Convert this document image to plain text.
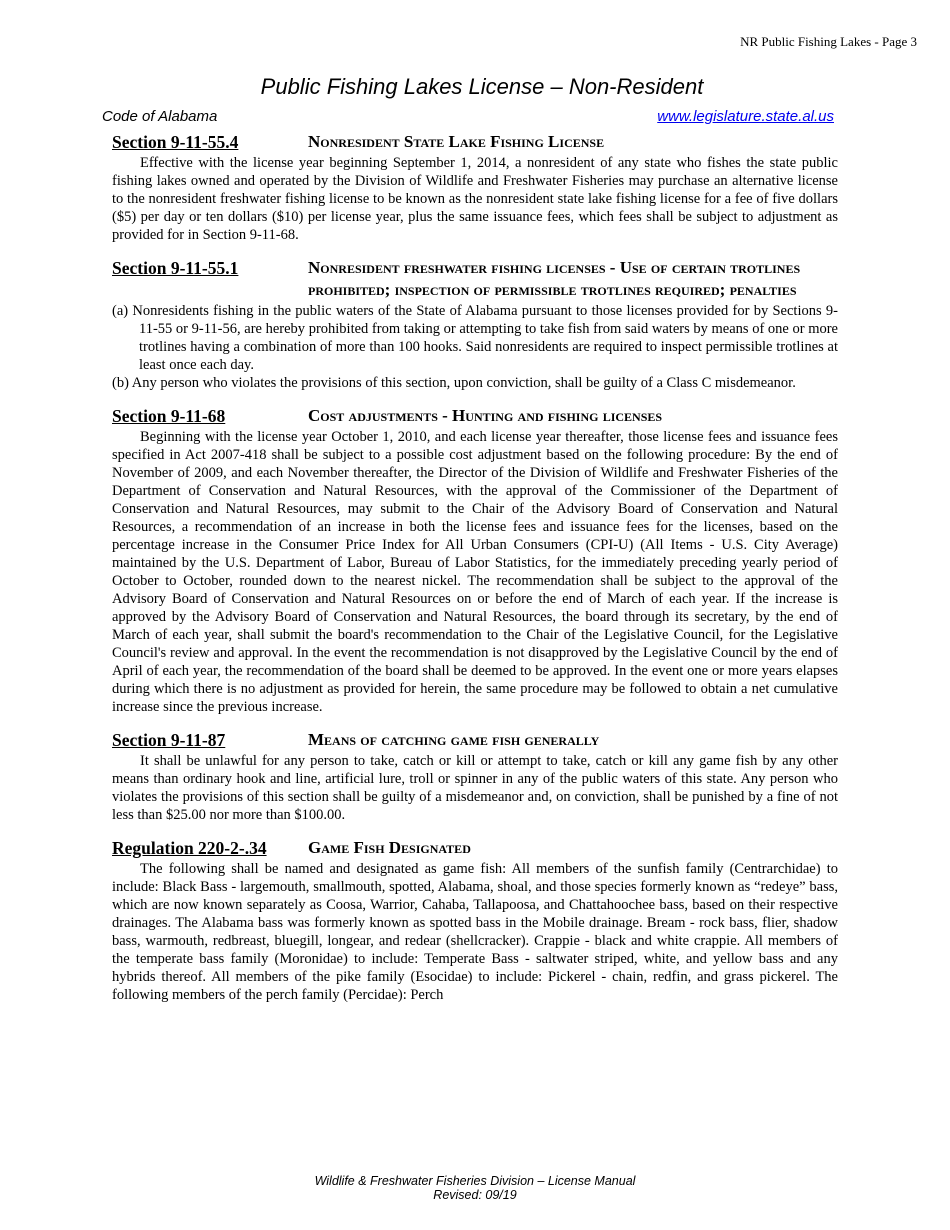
NR Public Fishing Lakes - Page 3
Public Fishing Lakes License – Non-Resident
Code of Alabama	www.legislature.state.al.us
Section 9-11-55.4	Nonresident State Lake Fishing License

Effective with the license year beginning September 1, 2014, a nonresident of any state who fishes the state public fishing lakes owned and operated by the Division of Wildlife and Freshwater Fisheries may purchase an alternative license to the nonresident freshwater fishing license to be known as the nonresident state lake fishing license for a fee of five dollars ($5) per day or ten dollars ($10) per license year, plus the same issuance fees, which fees shall be subject to adjustment as provided for in Section 9-11-68.

Section 9-11-55.1	Nonresident freshwater fishing licenses - Use of certain trotlines prohibited; inspection of permissible trotlines required; penalties

(a) Nonresidents fishing in the public waters of the State of Alabama pursuant to those licenses provided for by Sections 9-11-55 or 9-11-56, are hereby prohibited from taking or attempting to take fish from said waters by means of one or more trotlines having a combination of more than 100 hooks. Said nonresidents are required to inspect permissible trotlines at least once each day.

(b) Any person who violates the provisions of this section, upon conviction, shall be guilty of a Class C misdemeanor.

Section 9-11-68	Cost adjustments - Hunting and fishing licenses

Beginning with the license year October 1, 2010, and each license year thereafter, those license fees and issuance fees specified in Act 2007-418 shall be subject to a possible cost adjustment based on the following procedure: By the end of November of 2009, and each November thereafter, the Director of the Division of Wildlife and Freshwater Fisheries of the Department of Conservation and Natural Resources, with the approval of the Commissioner of the Department of Conservation and Natural Resources, may submit to the Chair of the Advisory Board of Conservation and Natural Resources, a recommendation of an increase in both the license fees and issuance fees for the licenses, based on the percentage increase in the Consumer Price Index for All Urban Consumers (CPI-U) (All Items - U.S. City Average) maintained by the U.S. Department of Labor, Bureau of Labor Statistics, for the immediately preceding yearly period of October to October, rounded down to the nearest nickel. The recommendation shall be subject to the approval of the Advisory Board of Conservation and Natural Resources on or before the end of March of each year. If the increase is approved by the Advisory Board of Conservation and Natural Resources, the board through its secretary, by the end of March of each year, shall submit the board's recommendation to the Chair of the Legislative Council, for the Legislative Council's review and approval. In the event the recommendation is not disapproved by the Legislative Council by the end of April of each year, the recommendation of the board shall be deemed to be approved. In the event one or more years elapses during which there is no adjustment as provided for herein, the same procedure may be followed to obtain a net cumulative increase since the previous increase.

Section 9-11-87	Means of catching game fish generally

It shall be unlawful for any person to take, catch or kill or attempt to take, catch or kill any game fish by any other means than ordinary hook and line, artificial lure, troll or spinner in any of the public waters of this state. Any person who violates the provisions of this section shall be guilty of a misdemeanor and, on conviction, shall be punished by a fine of not less than $25.00 nor more than $100.00.

Regulation 220-2-.34	Game Fish Designated

The following shall be named and designated as game fish: All members of the sunfish family (Centrarchidae) to include: Black Bass - largemouth, smallmouth, spotted, Alabama, shoal, and those species formerly known as “redeye” bass, which are now known separately as Coosa, Warrior, Cahaba, Tallapoosa, and Chattahoochee bass, based on their respective drainages. The Alabama bass was formerly known as spotted bass in the Mobile drainage. Bream - rock bass, flier, shadow bass, warmouth, redbreast, bluegill, longear, and redear (shellcracker). Crappie - black and white crappie. All members of the temperate bass family (Moronidae) to include: Temperate Bass - saltwater striped, white, and yellow bass and any hybrids thereof. All members of the pike family (Esocidae) to include: Pickerel - chain, redfin, and grass pickerel. The following members of the perch family (Percidae): Perch

Wildlife & Freshwater Fisheries Division – License Manual
Revised: 09/19
